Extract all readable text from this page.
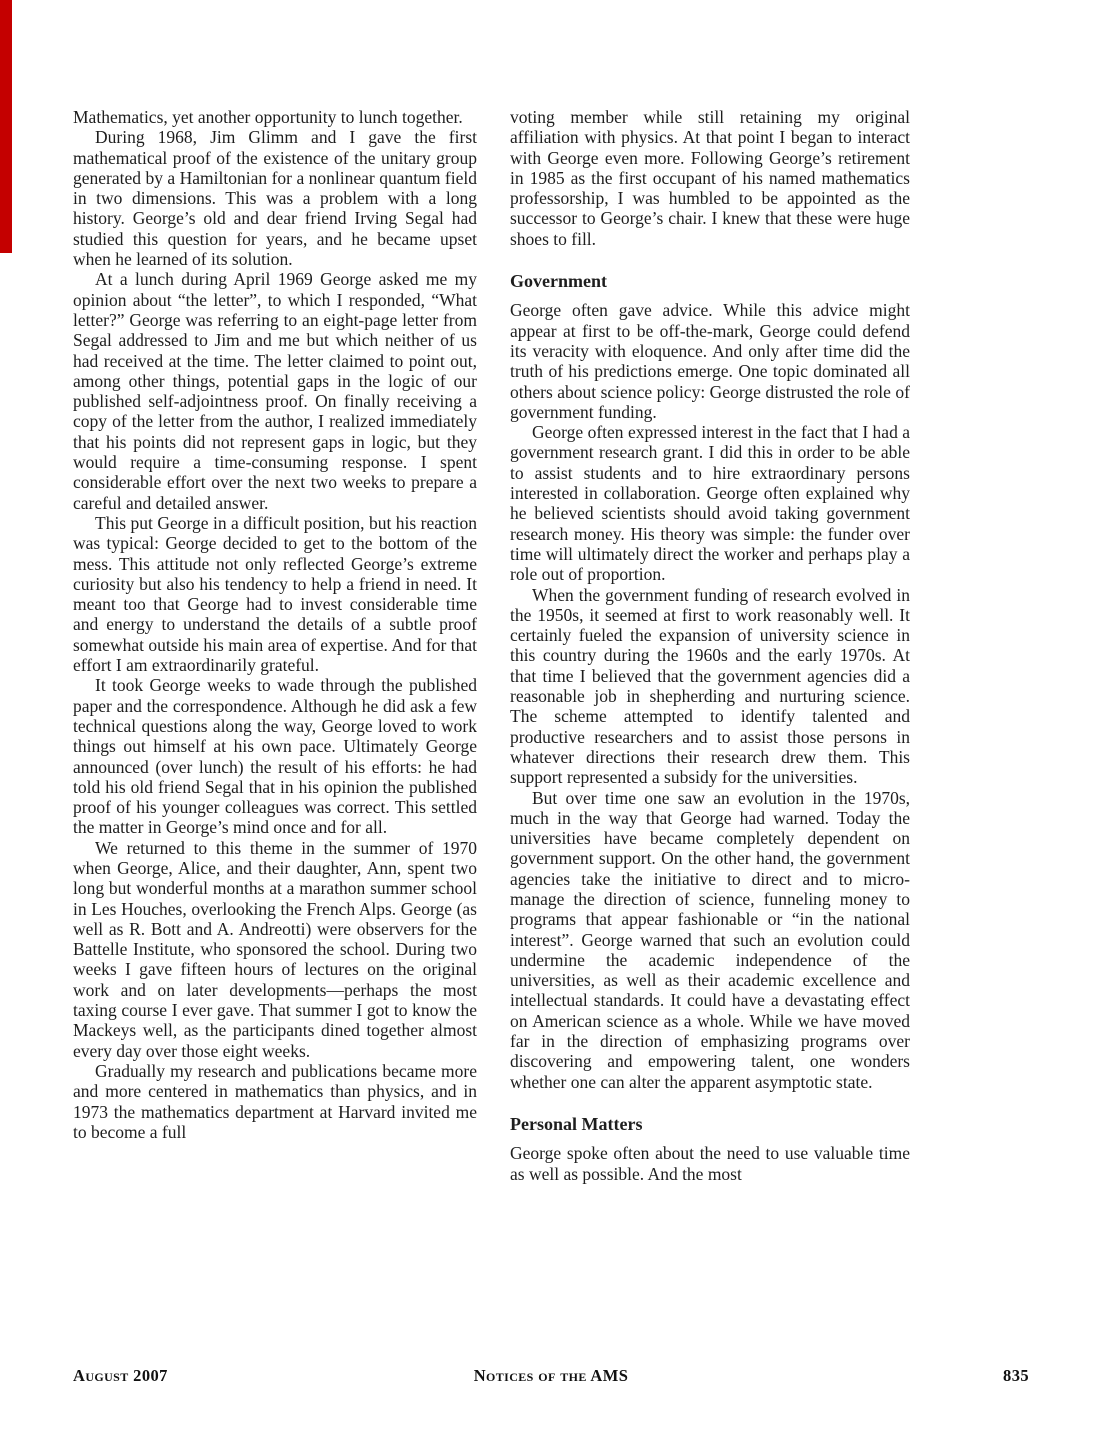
Mathematics, yet another opportunity to lunch together.

During 1968, Jim Glimm and I gave the first mathematical proof of the existence of the unitary group generated by a Hamiltonian for a nonlinear quantum field in two dimensions. This was a problem with a long history. George’s old and dear friend Irving Segal had studied this question for years, and he became upset when he learned of its solution.

At a lunch during April 1969 George asked me my opinion about “the letter”, to which I responded, “What letter?” George was referring to an eight-page letter from Segal addressed to Jim and me but which neither of us had received at the time. The letter claimed to point out, among other things, potential gaps in the logic of our published self-adjointness proof. On finally receiving a copy of the letter from the author, I realized immediately that his points did not represent gaps in logic, but they would require a time-consuming response. I spent considerable effort over the next two weeks to prepare a careful and detailed answer.

This put George in a difficult position, but his reaction was typical: George decided to get to the bottom of the mess. This attitude not only reflected George’s extreme curiosity but also his tendency to help a friend in need. It meant too that George had to invest considerable time and energy to understand the details of a subtle proof somewhat outside his main area of expertise. And for that effort I am extraordinarily grateful.

It took George weeks to wade through the published paper and the correspondence. Although he did ask a few technical questions along the way, George loved to work things out himself at his own pace. Ultimately George announced (over lunch) the result of his efforts: he had told his old friend Segal that in his opinion the published proof of his younger colleagues was correct. This settled the matter in George’s mind once and for all.

We returned to this theme in the summer of 1970 when George, Alice, and their daughter, Ann, spent two long but wonderful months at a marathon summer school in Les Houches, overlooking the French Alps. George (as well as R. Bott and A. Andreotti) were observers for the Battelle Institute, who sponsored the school. During two weeks I gave fifteen hours of lectures on the original work and on later developments—perhaps the most taxing course I ever gave. That summer I got to know the Mackeys well, as the participants dined together almost every day over those eight weeks.

Gradually my research and publications became more and more centered in mathematics than physics, and in 1973 the mathematics department at Harvard invited me to become a full

voting member while still retaining my original affiliation with physics. At that point I began to interact with George even more. Following George’s retirement in 1985 as the first occupant of his named mathematics professorship, I was humbled to be appointed as the successor to George’s chair. I knew that these were huge shoes to fill.

Government

George often gave advice. While this advice might appear at first to be off-the-mark, George could defend its veracity with eloquence. And only after time did the truth of his predictions emerge. One topic dominated all others about science policy: George distrusted the role of government funding.

George often expressed interest in the fact that I had a government research grant. I did this in order to be able to assist students and to hire extraordinary persons interested in collaboration. George often explained why he believed scientists should avoid taking government research money. His theory was simple: the funder over time will ultimately direct the worker and perhaps play a role out of proportion.

When the government funding of research evolved in the 1950s, it seemed at first to work reasonably well. It certainly fueled the expansion of university science in this country during the 1960s and the early 1970s. At that time I believed that the government agencies did a reasonable job in shepherding and nurturing science. The scheme attempted to identify talented and productive researchers and to assist those persons in whatever directions their research drew them. This support represented a subsidy for the universities.

But over time one saw an evolution in the 1970s, much in the way that George had warned. Today the universities have became completely dependent on government support. On the other hand, the government agencies take the initiative to direct and to micro-manage the direction of science, funneling money to programs that appear fashionable or “in the national interest”. George warned that such an evolution could undermine the academic independence of the universities, as well as their academic excellence and intellectual standards. It could have a devastating effect on American science as a whole. While we have moved far in the direction of emphasizing programs over discovering and empowering talent, one wonders whether one can alter the apparent asymptotic state.

Personal Matters

George spoke often about the need to use valuable time as well as possible. And the most

August 2007	Notices of the AMS	835
